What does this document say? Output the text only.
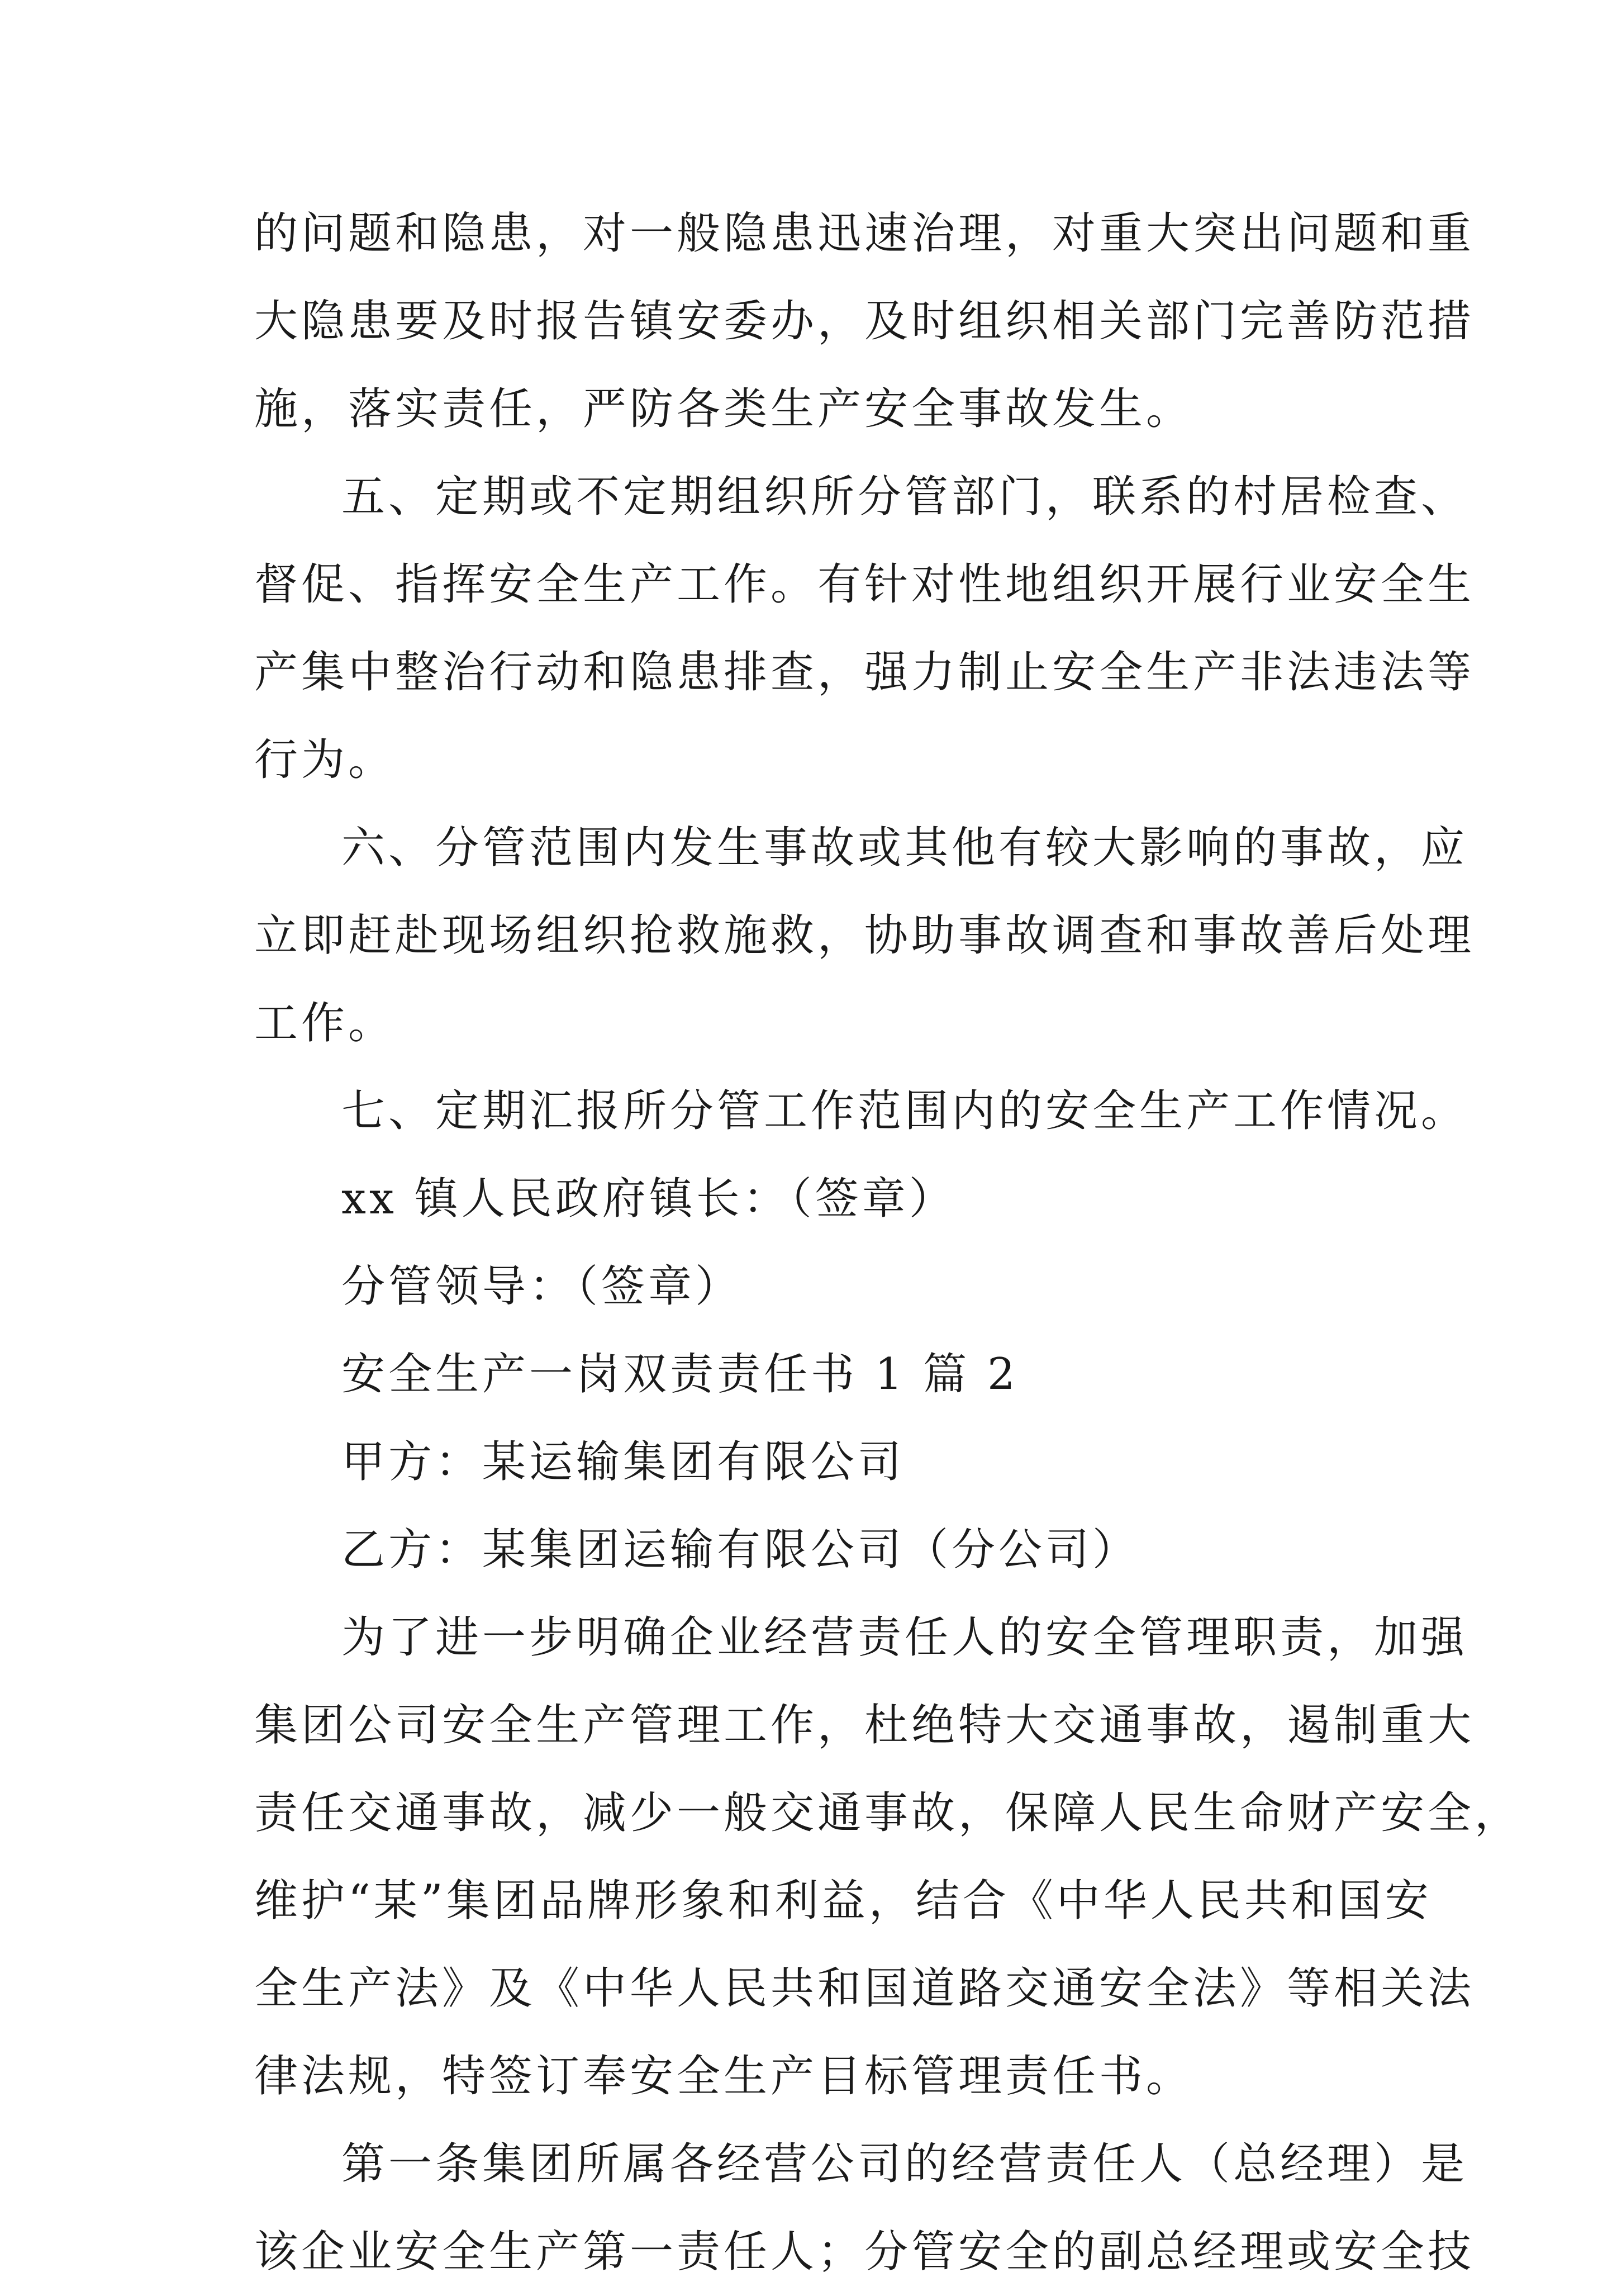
的问题和隐患，对一般隐患迅速治理，对重大突出问题和重
大隐患要及时报告镇安委办，及时组织相关部门完善防范措
施，落实责任，严防各类生产安全事故发生。
五、定期或不定期组织所分管部门，联系的村居检查、
督促、指挥安全生产工作。有针对性地组织开展行业安全生
产集中整治行动和隐患排查，强力制止安全生产非法违法等
行为。
六、分管范围内发生事故或其他有较大影响的事故，应
立即赶赴现场组织抢救施救，协助事故调查和事故善后处理
工作。
七、定期汇报所分管工作范围内的安全生产工作情况。
xx 镇人民政府镇长：（签章）
分管领导：（签章）
安全生产一岗双责责任书 1 篇 2
甲方：某运输集团有限公司
乙方：某集团运输有限公司（分公司）
为了进一步明确企业经营责任人的安全管理职责，加强
集团公司安全生产管理工作，杜绝特大交通事故，遏制重大
责任交通事故，减少一般交通事故，保障人民生命财产安全，
维护“某”集团品牌形象和利益，结合《中华人民共和国安
全生产法》及《中华人民共和国道路交通安全法》等相关法
律法规，特签订奉安全生产目标管理责任书。
第一条集团所属各经营公司的经营责任人（总经理）是
该企业安全生产第一责任人；分管安全的副总经理或安全技
